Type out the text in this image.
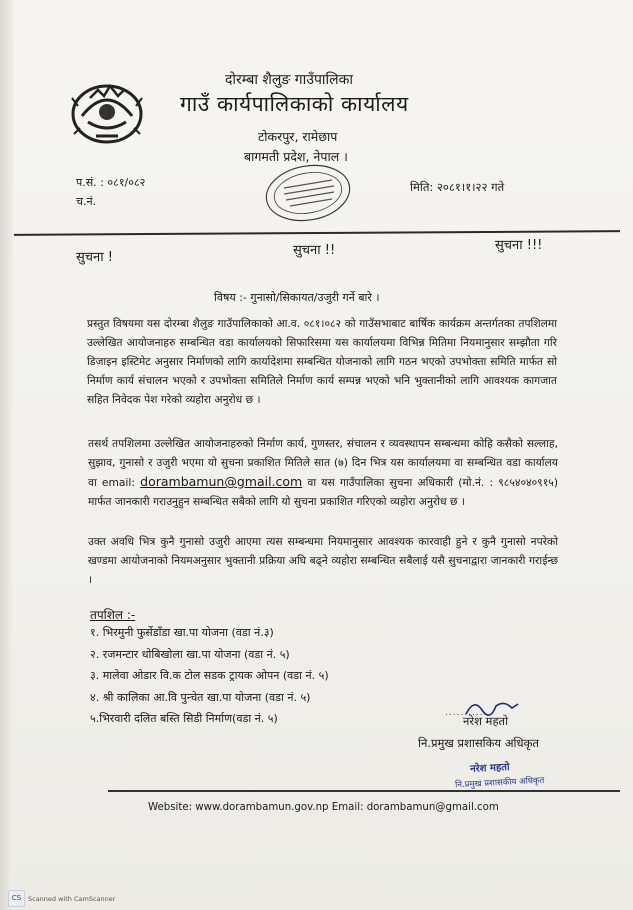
दोरम्बा शैलुङ गाउँपालिका
गाउँ कार्यपालिकाको कार्यालय
टोकरपुर, रामेछाप
बागमती प्रदेश, नेपाल ।
प.सं. : ०८१/०८२
च.नं.
मिति: २०८१।१।२२ गते
सुचना !	सुचना !!	सुचना !!!
विषय :- गुनासो/सिकायत/उजुरी गर्ने बारे ।
प्रस्तुत विषयमा यस दोरम्बा शैलुङ गाउँपालिकाको आ.व. ०८१।०८२ को गाउँसभाबाट बार्षिक कार्यक्रम अन्तर्गतका तपशिलमा उल्लेखित आयोजनाहरु सम्बन्धित वडा कार्यालयको सिफारिसमा यस कार्यालयमा विभिन्न मितिमा नियमानुसार सम्झौता गरि डिजाइन इस्टिमेट अनुसार निर्माणको लागि कार्यादेशमा सम्बन्धित योजनाको लागि गठन भएको उपभोक्ता समिति मार्फत सो निर्माण कार्य संचालन भएको र उपभोक्ता समितिले निर्माण कार्य सम्पन्न भएको भनि भुक्तानीको लागि आवश्यक कागजात सहित निवेदक पेश गरेको व्यहोरा अनुरोध छ ।
तसर्थ तपशिलमा उल्लेखित आयोजनाहरुको निर्माण कार्य, गुणस्तर, संचालन र व्यवस्थापन सम्बन्धमा कोहि कसैको सल्लाह, सुझाव, गुनासो र उजुरी भएमा यो सुचना प्रकाशित मितिले सात (७) दिन भित्र यस कार्यालयमा वा सम्बन्धित वडा कार्यालय वा email: dorambamun@gmail.com वा यस गाउँपालिका सुचना अधिकारी (मो.नं. : ९८५४०४०९१५) मार्फत जानकारी गराउनुहुन सम्बन्धित सबैको लागि यो सुचना प्रकाशित गरिएको व्यहोरा अनुरोध छ ।
उक्त अवधि भित्र कुनै गुनासो उजुरी आएमा त्यस सम्बन्धमा नियमानुसार आवश्यक कारवाही हुने र कुनै गुनासो नपरेको खण्डमा आयोजनाको नियमअनुसार भुक्तानी प्रक्रिया अघि बढ्ने व्यहोरा सम्बन्धित सबैलाई यसै सुचनाद्वारा जानकारी गराईन्छ ।
तपशिल :-
१. भिरमुनी फुर्सेडाँडा खा.पा योजना (वडा नं.३)
२. रजमन्टार धोबिखोला खा.पा योजना (वडा नं. ५)
३. मालेवा ओडार वि.क टोल सडक ट्रायक ओपन (वडा नं. ५)
४. श्री कालिका आ.वि पुन्चेत खा.पा योजना (वडा नं. ५)
५.भिरवारी दलित बस्ति सिडी निर्माण(वडा नं. ५)	...........
नरेश महतो
नि.प्रमुख प्रशासकिय अधिकृत
नरेश महतो
नि.प्रमुख प्रशासकीय अधिकृत
Website: www.dorambamun.gov.np Email: dorambamun@gmail.com
CS	Scanned with CamScanner
